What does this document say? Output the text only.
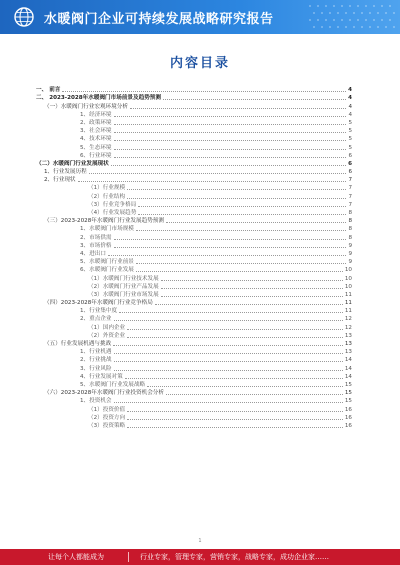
水暖阀门企业可持续发展战略研究报告
内容目录
一、 前言	4
二、 2023-2028年水暖阀门市场前景及趋势预测	4
（一）水暖阀门行业宏观环境分析	4
1、经济环境	4
2、政策环境	5
3、社会环境	5
4、技术环境	5
5、生态环境	5
6、行业环境	6
（二）水暖阀门行业发展现状	6
1、行业发展历程	6
2、行业现状	7
（1）行业规模	7
（2）行业结构	7
（3）行业竞争格局	7
（4）行业发展趋势	8
（三）2023-2028年水暖阀门行业发展趋势预测	8
1、水暖阀门市场规模	8
2、市场供需	8
3、市场价格	9
4、进出口	9
5、水暖阀门行业前景	9
6、水暖阀门行业发展	10
（1）水暖阀门行业技术发展	10
（2）水暖阀门行业产品发展	10
（3）水暖阀门行业市场发展	11
（四）2023-2028年水暖阀门行业竞争格局	11
1、行业集中度	11
2、重点企业	12
（1）国内企业	12
（2）外资企业	13
（五）行业发展机遇与挑战	13
1、行业机遇	13
2、行业挑战	14
3、行业风险	14
4、行业发展对策	14
5、水暖阀门行业发展战略	15
（六）2023-2028年水暖阀门行业投资机会分析	15
1、投资机会	15
（1）投资价值	16
（2）投资方向	16
（3）投资策略	16
1
让每个人都能成为	行业专家，管理专家，营销专家，战略专家，成功企业家……
